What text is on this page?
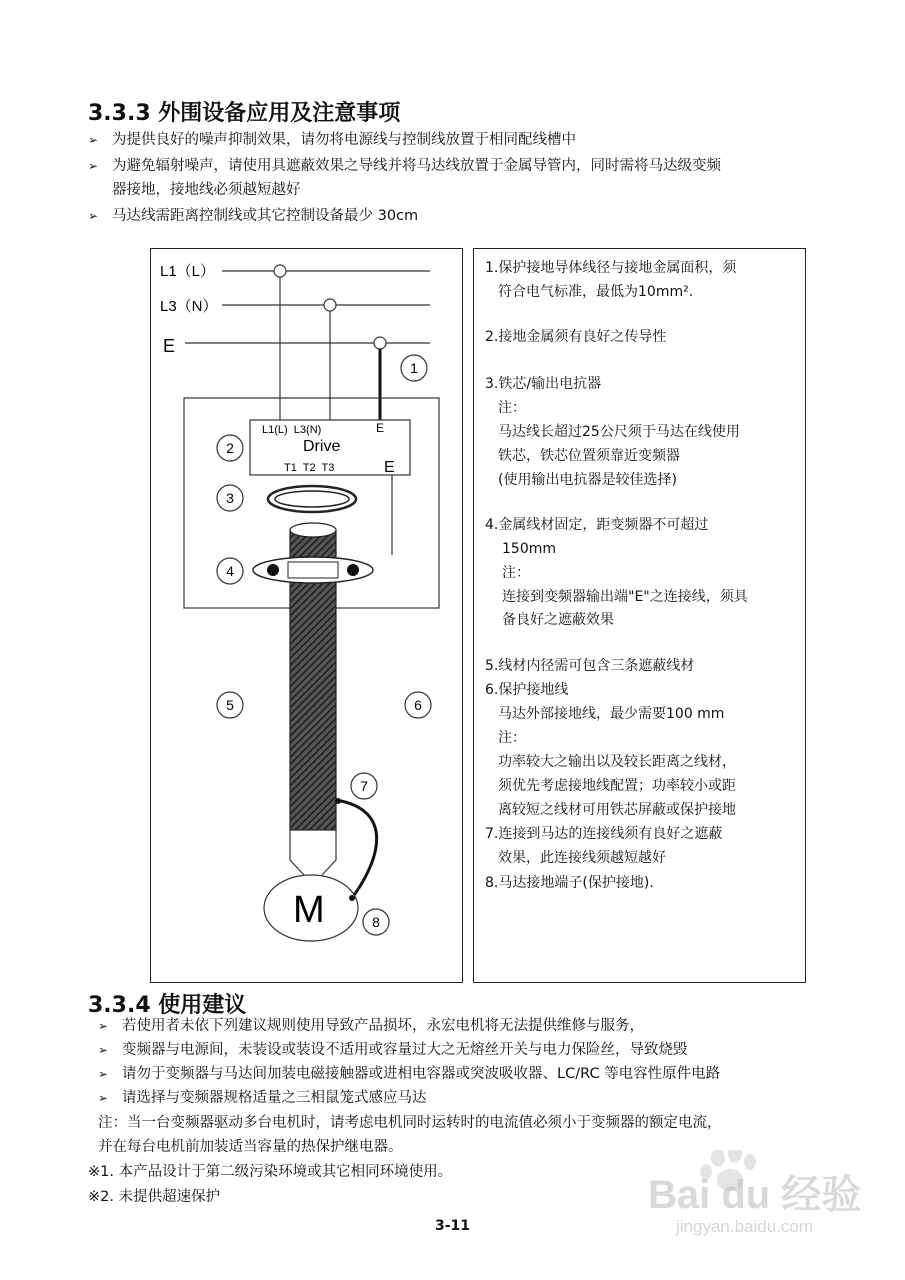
3.3.3 外围设备应用及注意事项
➢ 为提供良好的噪声抑制效果，请勿将电源线与控制线放置于相同配线槽中
➢ 为避免辐射噪声，请使用具遮蔽效果之导线并将马达线放置于金属导管内，同时需将马达级变频
器接地，接地线必须越短越好
➢ 马达线需距离控制线或其它控制设备最少 30cm
L1（L）
L3（N）
E
L1(L)  L3(N)	E
Drive
T1  T2  T3	E
M
1
2
3
4
5	6
7
8
1.保护接地导体线径与接地金属面积，须
符合电气标准，最低为10mm².
2.接地金属须有良好之传导性
3.铁芯/输出电抗器
注：
马达线长超过25公尺须于马达在线使用
铁芯，铁芯位置须靠近变频器
(使用输出电抗器是较佳选择)
4.金属线材固定，距变频器不可超过
150mm
注：
连接到变频器输出端"E"之连接线，须具
备良好之遮蔽效果
5.线材内径需可包含三条遮蔽线材
6.保护接地线
马达外部接地线，最少需要100 mm
注：
功率较大之输出以及较长距离之线材，
须优先考虑接地线配置；功率较小或距
离较短之线材可用铁芯屏蔽或保护接地
7.连接到马达的连接线须有良好之遮蔽
效果，此连接线须越短越好
8.马达接地端子(保护接地).
3.3.4 使用建议
➢ 若使用者未依下列建议规则使用导致产品损坏，永宏电机将无法提供维修与服务，
➢ 变频器与电源间，未装设或装设不适用或容量过大之无熔丝开关与电力保险丝，导致烧毁
➢ 请勿于变频器与马达间加装电磁接触器或进相电容器或突波吸收器、LC/RC 等电容性原件电路
➢ 请选择与变频器规格适量之三相鼠笼式感应马达
注：当一台变频器驱动多台电机时，请考虑电机同时运转时的电流值必须小于变频器的额定电流，
并在每台电机前加装适当容量的热保护继电器。
※1. 本产品设计于第二级污染环境或其它相同环境使用。
※2. 未提供超速保护
3-11
Bai du 经验
jingyan.baidu.com
